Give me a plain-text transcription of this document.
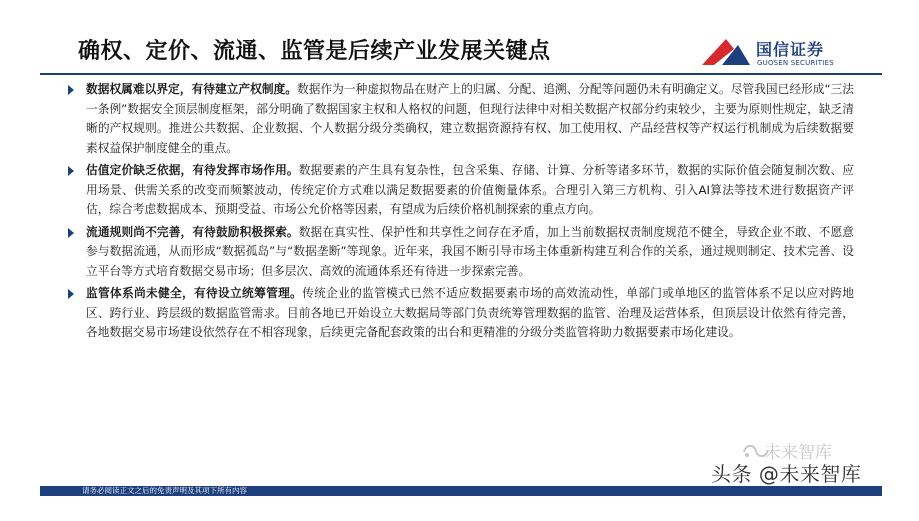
确权、定价、流通、监管是后续产业发展关键点	国信证券
GUOSEN SECURITIES
数据权属难以界定，有待建立产权制度。数据作为一种虚拟物品在财产上的归属、分配、追溯、分配等问题仍未有明确定义。尽管我国已经形成“三法一条例”数据安全顶层制度框架，部分明确了数据国家主权和人格权的问题，但现行法律中对相关数据产权部分约束较少，主要为原则性规定，缺乏清晰的产权规则。推进公共数据、企业数据、个人数据分级分类确权，建立数据资源持有权、加工使用权、产品经营权等产权运行机制成为后续数据要素权益保护制度健全的重点。
估值定价缺乏依据，有待发挥市场作用。数据要素的产生具有复杂性，包含采集、存储、计算、分析等诸多环节，数据的实际价值会随复制次数、应用场景、供需关系的改变而频繁波动，传统定价方式难以满足数据要素的价值衡量体系。合理引入第三方机构、引入AI算法等技术进行数据资产评估，综合考虑数据成本、预期受益、市场公允价格等因素，有望成为后续价格机制探索的重点方向。
流通规则尚不完善，有待鼓励积极探索。数据在真实性、保护性和共享性之间存在矛盾，加上当前数据权责制度规范不健全，导致企业不敢、不愿意参与数据流通，从而形成“数据孤岛”与“数据垄断”等现象。近年来，我国不断引导市场主体重新构建互利合作的关系，通过规则制定、技术完善、设立平台等方式培育数据交易市场；但多层次、高效的流通体系还有待进一步探索完善。
监管体系尚未健全，有待设立统筹管理。传统企业的监管模式已然不适应数据要素市场的高效流动性，单部门或单地区的监管体系不足以应对跨地区、跨行业、跨层级的数据监管需求。目前各地已开始设立大数据局等部门负责统筹管理数据的监管、治理及运营体系，但顶层设计依然有待完善，各地数据交易市场建设依然存在不相容现象，后续更完备配套政策的出台和更精准的分级分类监管将助力数据要素市场化建设。
未来智库
头条 @未来智库
请务必阅读正文之后的免责声明及其项下所有内容
